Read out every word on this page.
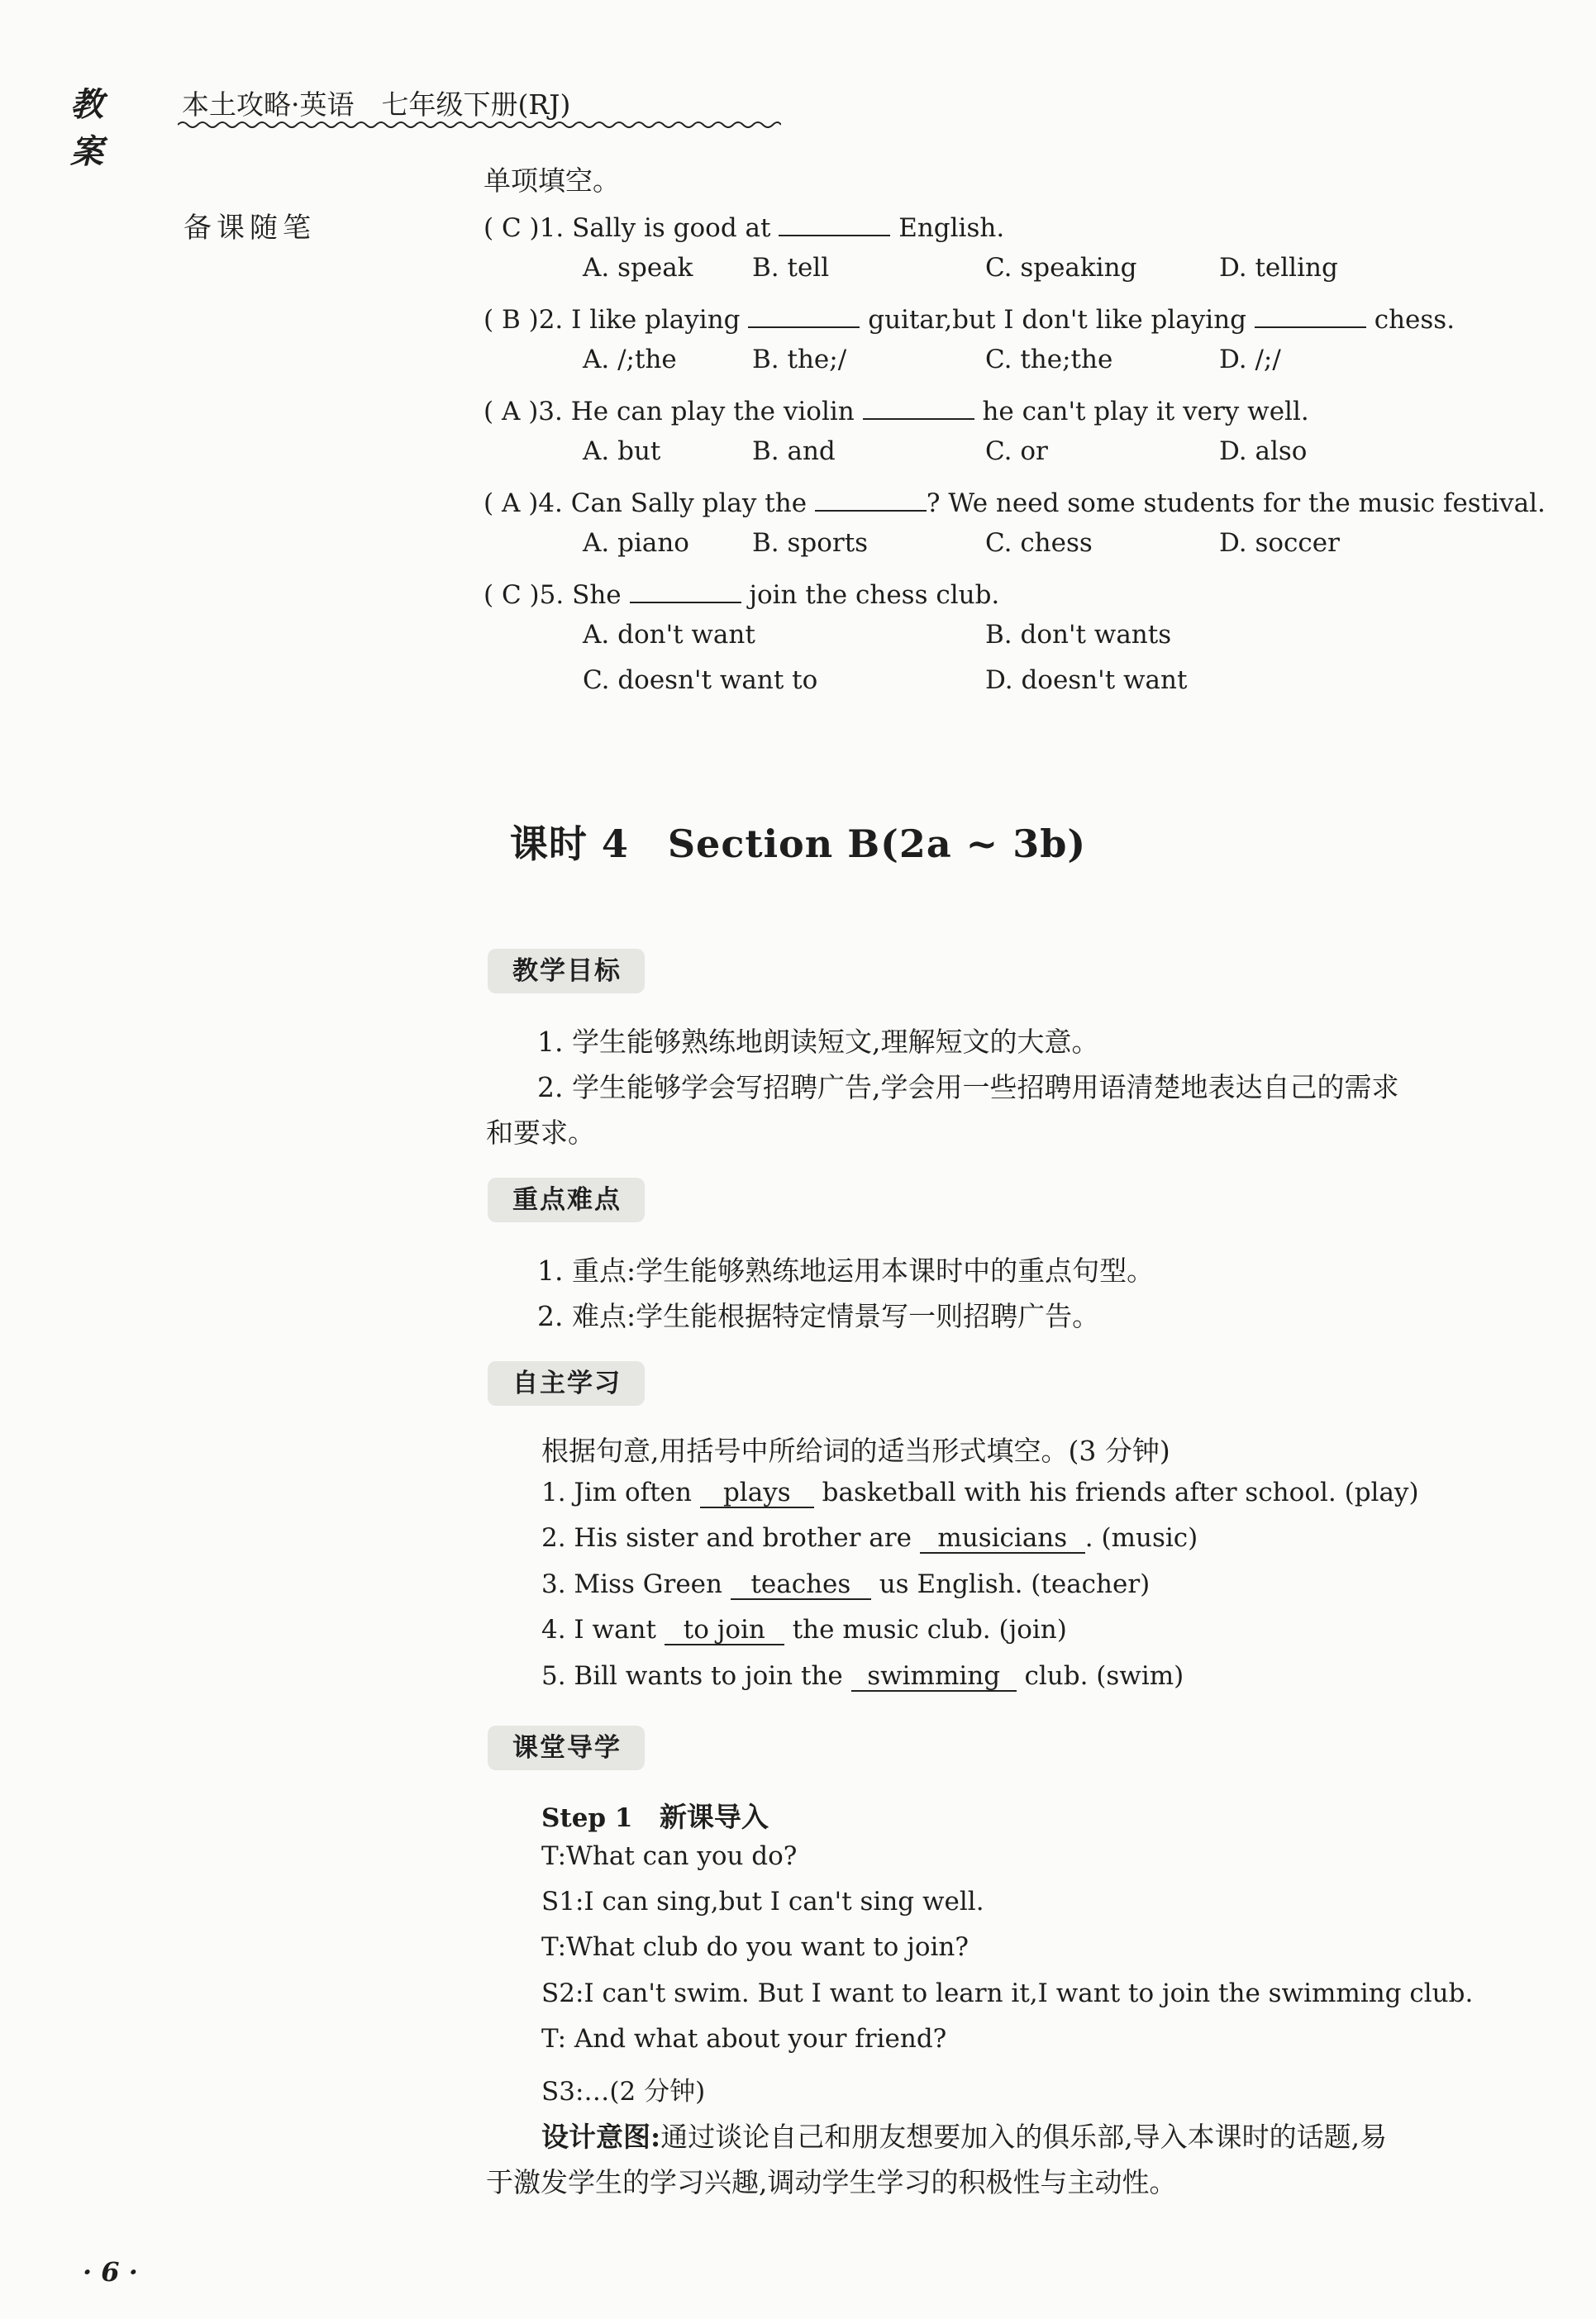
教案
本土攻略·英语　七年级下册(RJ)
备课随笔
单项填空。
( C )1. Sally is good at	English.
A. speak B. tell	C. speaking	D. telling
( B )2. I like playing	guitar,but I don't like playing	chess.
A. /;the	B. the;/	C. the;the	D. /;/
( A )3. He can play the violin	he can't play it very well.
A. but	B. and	C. or	D. also
( A )4. Can Sally play the	? We need some students for the music festival.
A. piano B. sports	C. chess	D. soccer
( C )5. She	join the chess club.
A. don't want	B. don't wants
C. doesn't want to	D. doesn't want
课时 4　Section B(2a ~ 3b)
教学目标
1. 学生能够熟练地朗读短文,理解短文的大意。
2. 学生能够学会写招聘广告,学会用一些招聘用语清楚地表达自己的需求
和要求。
重点难点
1. 重点:学生能够熟练地运用本课时中的重点句型。
2. 难点:学生能根据特定情景写一则招聘广告。
自主学习
根据句意,用括号中所给词的适当形式填空。(3 分钟)
1. Jim often plays basketball with his friends after school. (play)
2. His sister and brother are musicians . (music)
3. Miss Green teaches us English. (teacher)
4. I want to join the music club. (join)
5. Bill wants to join the swimming club. (swim)
课堂导学
Step 1 新课导入
T:What can you do?
S1:I can sing,but I can't sing well.
T:What club do you want to join?
S2:I can't swim. But I want to learn it,I want to join the swimming club.
T: And what about your friend?
S3:…(2 分钟)
设计意图:通过谈论自己和朋友想要加入的俱乐部,导入本课时的话题,易
于激发学生的学习兴趣,调动学生学习的积极性与主动性。
· 6 ·
